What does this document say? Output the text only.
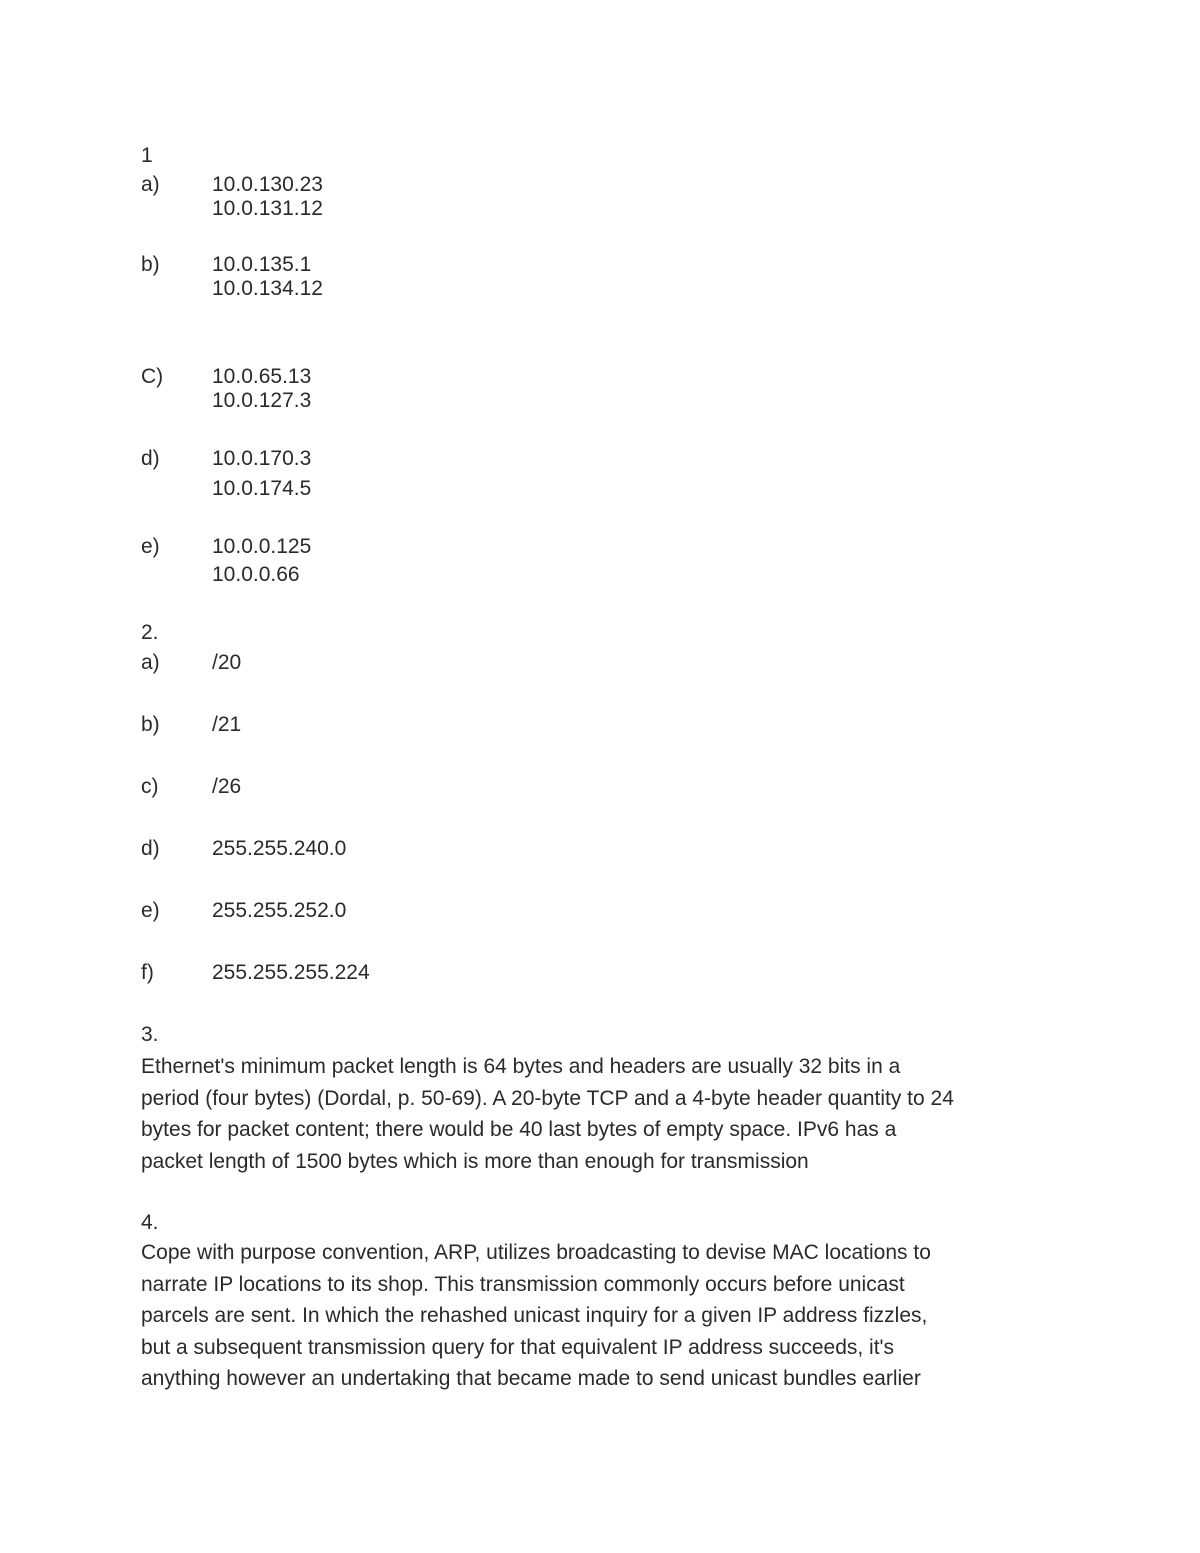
1
a) 10.0.130.23
10.0.131.12
b) 10.0.135.1
10.0.134.12
C) 10.0.65.13
10.0.127.3
d) 10.0.170.3
10.0.174.5
e) 10.0.0.125
10.0.0.66
2.
a) /20
b) /21
c)	/26
d) 255.255.240.0
e) 255.255.252.0
f)	255.255.255.224
3.
Ethernet's minimum packet length is 64 bytes and headers are usually 32 bits in a
period (four bytes) (Dordal, p. 50-69). A 20-byte TCP and a 4-byte header quantity to 24
bytes for packet content; there would be 40 last bytes of empty space. IPv6 has a
packet length of 1500 bytes which is more than enough for transmission
4.
Cope with purpose convention, ARP, utilizes broadcasting to devise MAC locations to
narrate IP locations to its shop. This transmission commonly occurs before unicast
parcels are sent. In which the rehashed unicast inquiry for a given IP address fizzles,
but a subsequent transmission query for that equivalent IP address succeeds, it's
anything however an undertaking that became made to send unicast bundles earlier
